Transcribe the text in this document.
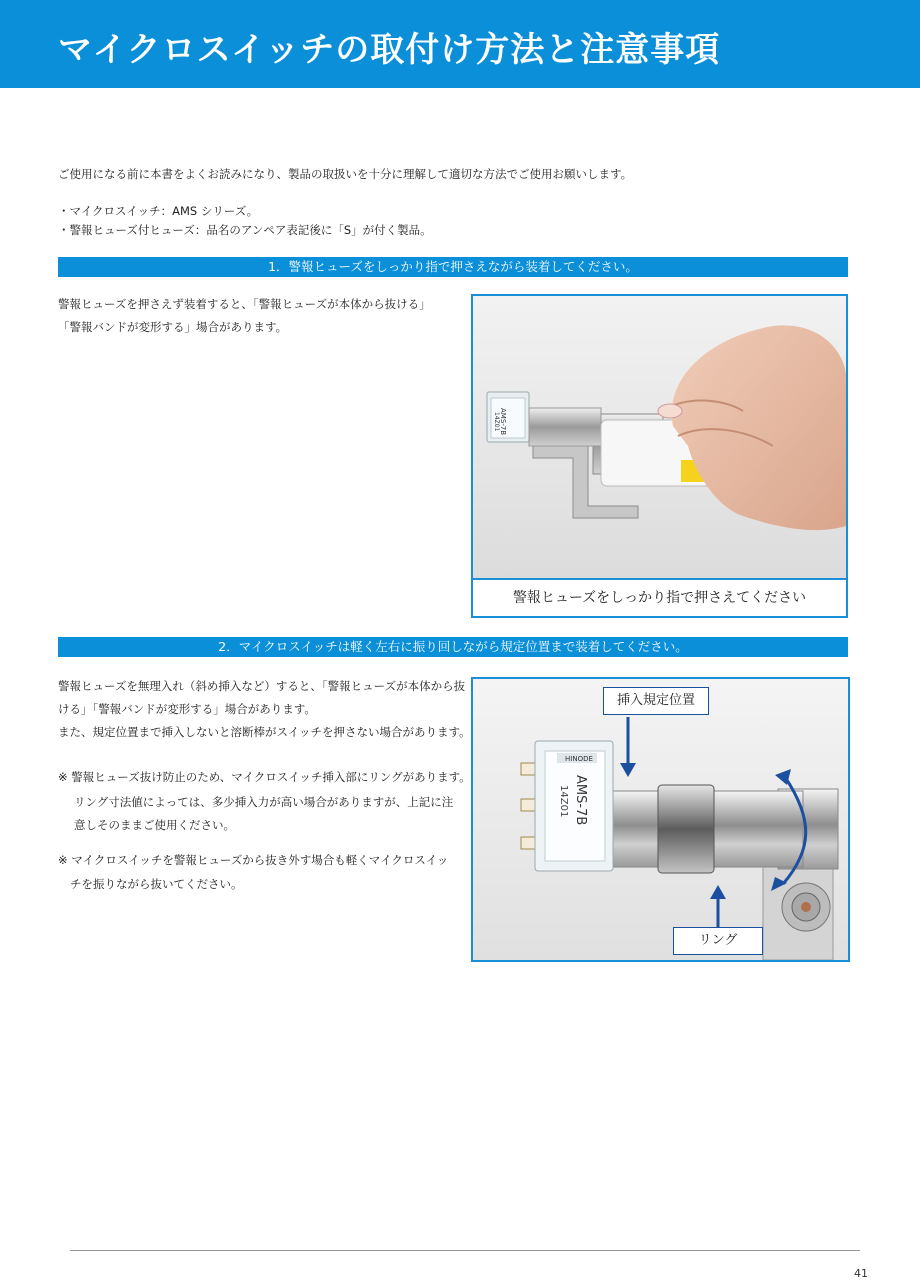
マイクロスイッチの取付け方法と注意事項
ご使用になる前に本書をよくお読みになり、製品の取扱いを十分に理解して適切な方法でご使用お願いします。
・マイクロスイッチ：AMS シリーズ。
・警報ヒューズ付ヒューズ：品名のアンペア表記後に「S」が付く製品。
1．警報ヒューズをしっかり指で押さえながら装着してください。
警報ヒューズを押さえず装着すると、「警報ヒューズが本体から抜ける」
「警報バンドが変形する」場合があります。
AMS-7B
14Z01
警報ヒューズをしっかり指で押さえてください
2．マイクロスイッチは軽く左右に振り回しながら規定位置まで装着してください。
警報ヒューズを無理入れ（斜め挿入など）すると、「警報ヒューズが本体から抜
ける」「警報バンドが変形する」場合があります。
また、規定位置まで挿入しないと溶断棒がスイッチを押さない場合があります。
※ 警報ヒューズ抜け防止のため、マイクロスイッチ挿入部にリングがあります。
リング寸法値によっては、多少挿入力が高い場合がありますが、上記に注
意しそのままご使用ください。
※ マイクロスイッチを警報ヒューズから抜き外す場合も軽くマイクロスイッ
チを振りながら抜いてください。
HINODE
AMS-7B
14Z01
挿入規定位置
リング
41
